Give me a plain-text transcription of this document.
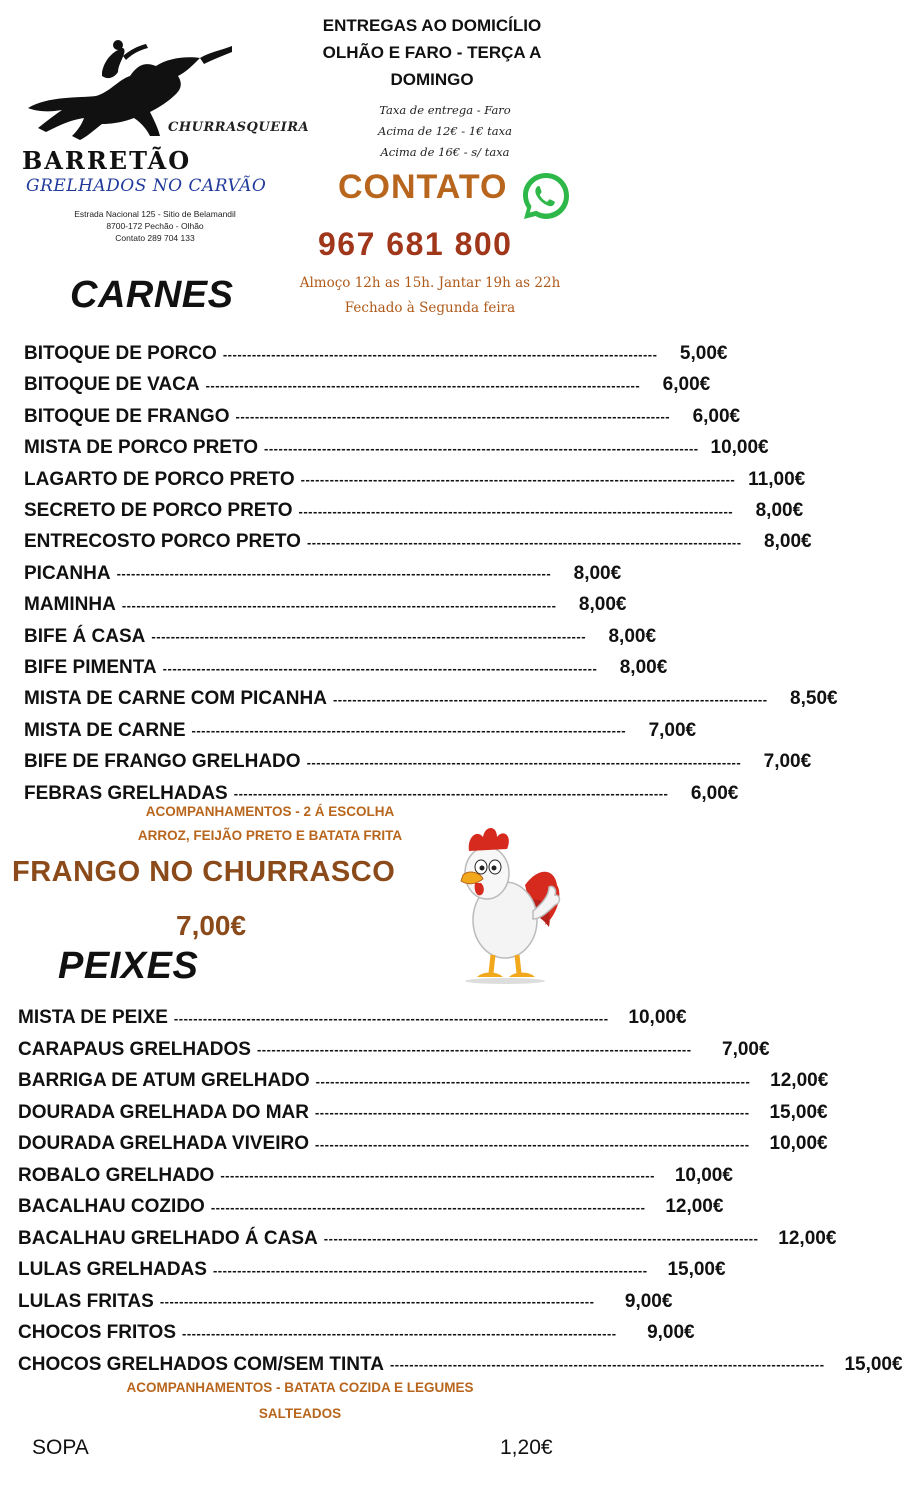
CHURRASQUEIRA
BARRETÃO
GRELHADOS NO CARVÃO
Estrada Nacional 125 - Sitio de Belamandil
8700-172 Pechão - Olhão
Contato 289 704 133
ENTREGAS AO DOMICÍLIO
OLHÃO E FARO - TERÇA A
DOMINGO
Taxa de entrega - Faro
Acima de 12€ - 1€ taxa
Acima de 16€ - s/ taxa
CONTATO
967 681 800
Almoço 12h as 15h. Jantar 19h as 22h
Fechado à Segunda feira
CARNES
BITOQUE DE PORCO ------------------------------------------------------------------------------------------	5,00€
BITOQUE DE VACA ------------------------------------------------------------------------------------------	6,00€
BITOQUE DE FRANGO ------------------------------------------------------------------------------------------	6,00€
MISTA DE PORCO PRETO ------------------------------------------------------------------------------------------ 10,00€
LAGARTO DE PORCO PRETO ------------------------------------------------------------------------------------------ 11,00€
SECRETO DE PORCO PRETO ------------------------------------------------------------------------------------------	8,00€
ENTRECOSTO PORCO PRETO ------------------------------------------------------------------------------------------	8,00€
PICANHA ------------------------------------------------------------------------------------------	8,00€
MAMINHA ------------------------------------------------------------------------------------------	8,00€
BIFE Á CASA ------------------------------------------------------------------------------------------	8,00€
BIFE PIMENTA ------------------------------------------------------------------------------------------	8,00€
MISTA DE CARNE COM PICANHA ------------------------------------------------------------------------------------------	8,50€
MISTA DE CARNE ------------------------------------------------------------------------------------------	7,00€
BIFE DE FRANGO GRELHADO ------------------------------------------------------------------------------------------	7,00€
FEBRAS GRELHADAS ------------------------------------------------------------------------------------------	6,00€
ACOMPANHAMENTOS - 2 Á ESCOLHA
ARROZ, FEIJÃO PRETO E BATATA FRITA
FRANGO NO CHURRASCO
7,00€
PEIXES
MISTA DE PEIXE ------------------------------------------------------------------------------------------	10,00€
CARAPAUS GRELHADOS ------------------------------------------------------------------------------------------	7,00€
BARRIGA DE ATUM GRELHADO ------------------------------------------------------------------------------------------	12,00€
DOURADA GRELHADA DO MAR ------------------------------------------------------------------------------------------	15,00€
DOURADA GRELHADA VIVEIRO ------------------------------------------------------------------------------------------	10,00€
ROBALO GRELHADO ------------------------------------------------------------------------------------------	10,00€
BACALHAU COZIDO ------------------------------------------------------------------------------------------	12,00€
BACALHAU GRELHADO Á CASA ------------------------------------------------------------------------------------------	12,00€
LULAS GRELHADAS ------------------------------------------------------------------------------------------	15,00€
LULAS FRITAS ------------------------------------------------------------------------------------------	9,00€
CHOCOS FRITOS ------------------------------------------------------------------------------------------	9,00€
CHOCOS GRELHADOS COM/SEM TINTA ------------------------------------------------------------------------------------------	15,00€
ACOMPANHAMENTOS - BATATA COZIDA E LEGUMES
SALTEADOS
SOPA	1,20€
